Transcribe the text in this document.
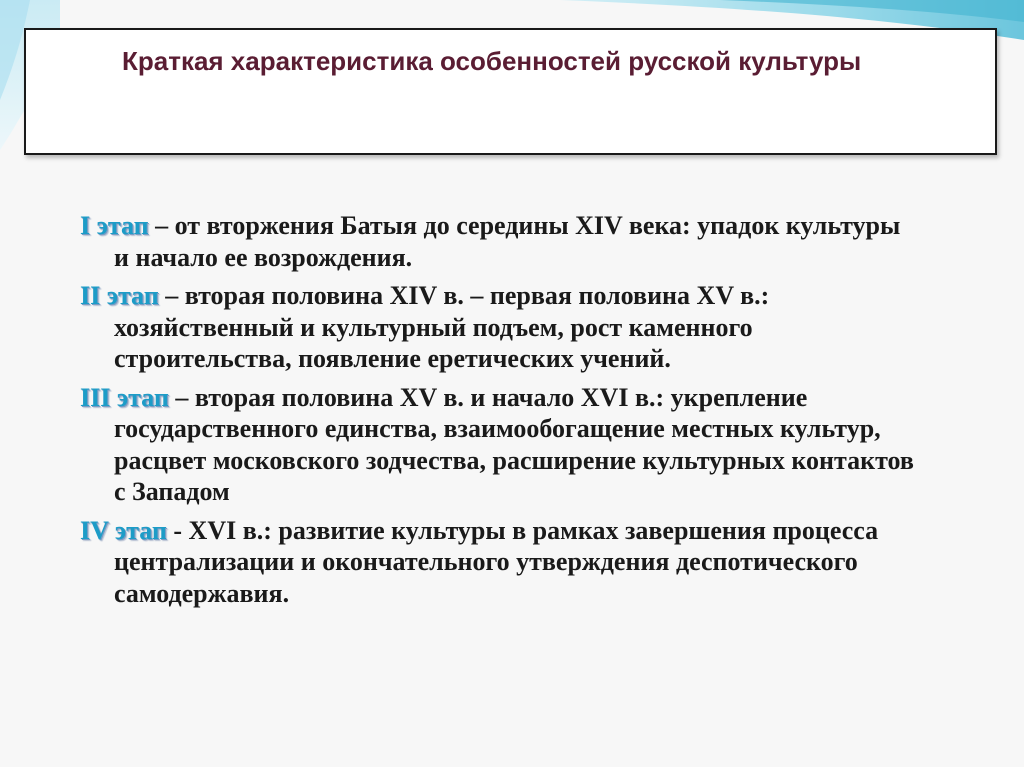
Краткая характеристика особенностей русской культуры

I этап – от вторжения Батыя до середины XIV века: упадок культуры и начало ее возрождения.

II этап – вторая половина XIV в. – первая половина XV в.: хозяйственный и культурный подъем, рост каменного строительства, появление еретических учений.

III этап – вторая половина XV в. и начало XVI в.: укрепление государственного единства, взаимообогащение местных культур, расцвет московского зодчества, расширение культурных контактов с Западом

IV этап - XVI в.: развитие культуры в рамках завершения процесса централизации и окончательного утверждения деспотического самодержавия.
